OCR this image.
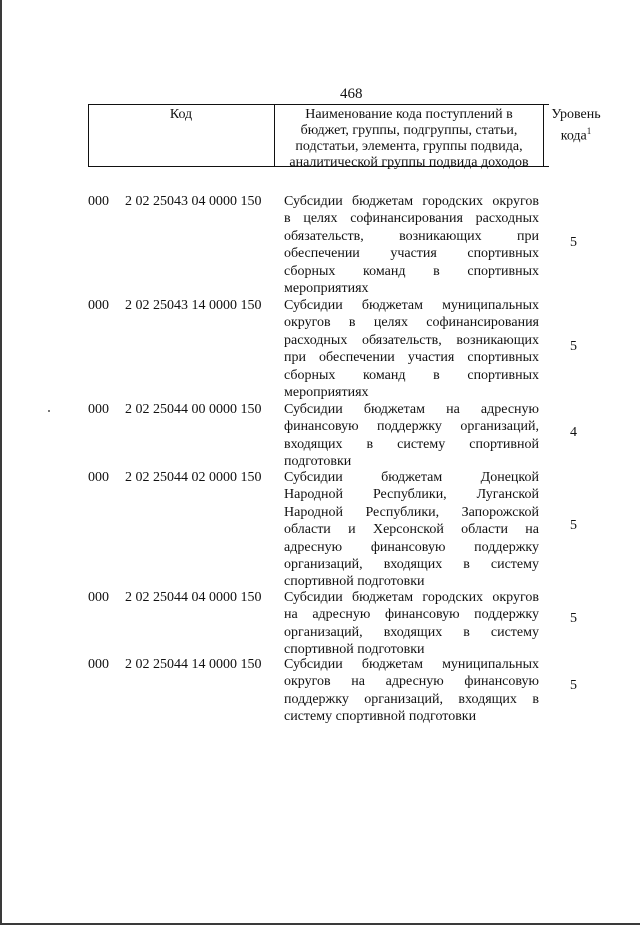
468
Код	Наименование кода поступлений в
бюджет, группы, подгруппы, статьи,
подстатьи, элемента, группы подвида,
аналитической группы подвида доходов
Уровень
кода$^1$
000 2 02 25043 04 0000 150 Субсидии бюджетам городских округов
в целях софинансирования расходных
обязательств, возникающих при
обеспечении участия спортивных
сборных команд в спортивных
мероприятиях
5
000 2 02 25043 14 0000 150 Субсидии бюджетам муниципальных
округов в целях софинансирования
расходных обязательств, возникающих
при обеспечении участия спортивных
сборных команд в спортивных
мероприятиях
5
000 2 02 25044 00 0000 150 Субсидии бюджетам на адресную
финансовую поддержку организаций,
входящих в систему спортивной
подготовки
4
000 2 02 25044 02 0000 150 Субсидии бюджетам Донецкой
Народной Республики, Луганской
Народной Республики, Запорожской
области и Херсонской области на
адресную финансовую поддержку
организаций, входящих в систему
спортивной подготовки
5
000 2 02 25044 04 0000 150 Субсидии бюджетам городских округов
на адресную финансовую поддержку
организаций, входящих в систему
спортивной подготовки
5
000 2 02 25044 14 0000 150 Субсидии бюджетам муниципальных
округов на адресную финансовую
поддержку организаций, входящих в
систему спортивной подготовки
5
